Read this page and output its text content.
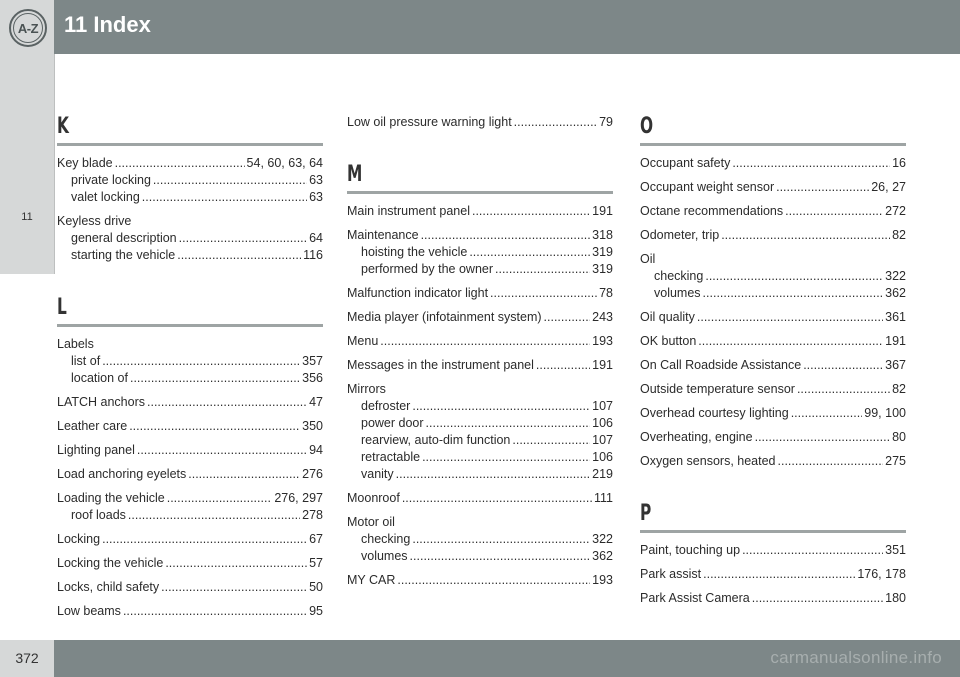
A-Z 11 Index
11
K
Key blade .....	54, 60, 63, 64
private locking .....	63
valet locking .....	63
Keyless drive
general description .....	64
starting the vehicle .....	116
L
Labels
list of .....	357
location of .....	356
LATCH anchors .....	47
Leather care .....	350
Lighting panel .....	94
Load anchoring eyelets .....	276
Loading the vehicle .....	276, 297
roof loads .....	278
Locking .....	67
Locking the vehicle .....	57
Locks, child safety .....	50
Low beams .....	95
Low oil pressure warning light .....	79
M
Main instrument panel .....	191
Maintenance .....	318
hoisting the vehicle .....	319
performed by the owner .....	319
Malfunction indicator light .....	78
Media player (infotainment system) .....	243
Menu .....	193
Messages in the instrument panel .....	191
Mirrors
defroster .....	107
power door .....	106
rearview, auto-dim function .....	107
retractable .....	106
vanity .....	219
Moonroof .....	111
Motor oil
checking .....	322
volumes .....	362
MY CAR .....	193
O
Occupant safety .....	16
Occupant weight sensor .....	26, 27
Octane recommendations .....	272
Odometer, trip .....	82
Oil
checking .....	322
volumes .....	362
Oil quality .....	361
OK button .....	191
On Call Roadside Assistance .....	367
Outside temperature sensor .....	82
Overhead courtesy lighting .....	99, 100
Overheating, engine .....	80
Oxygen sensors, heated .....	275
P
Paint, touching up .....	351
Park assist .....	176, 178
Park Assist Camera .....	180
372	carmanualsonline.info
